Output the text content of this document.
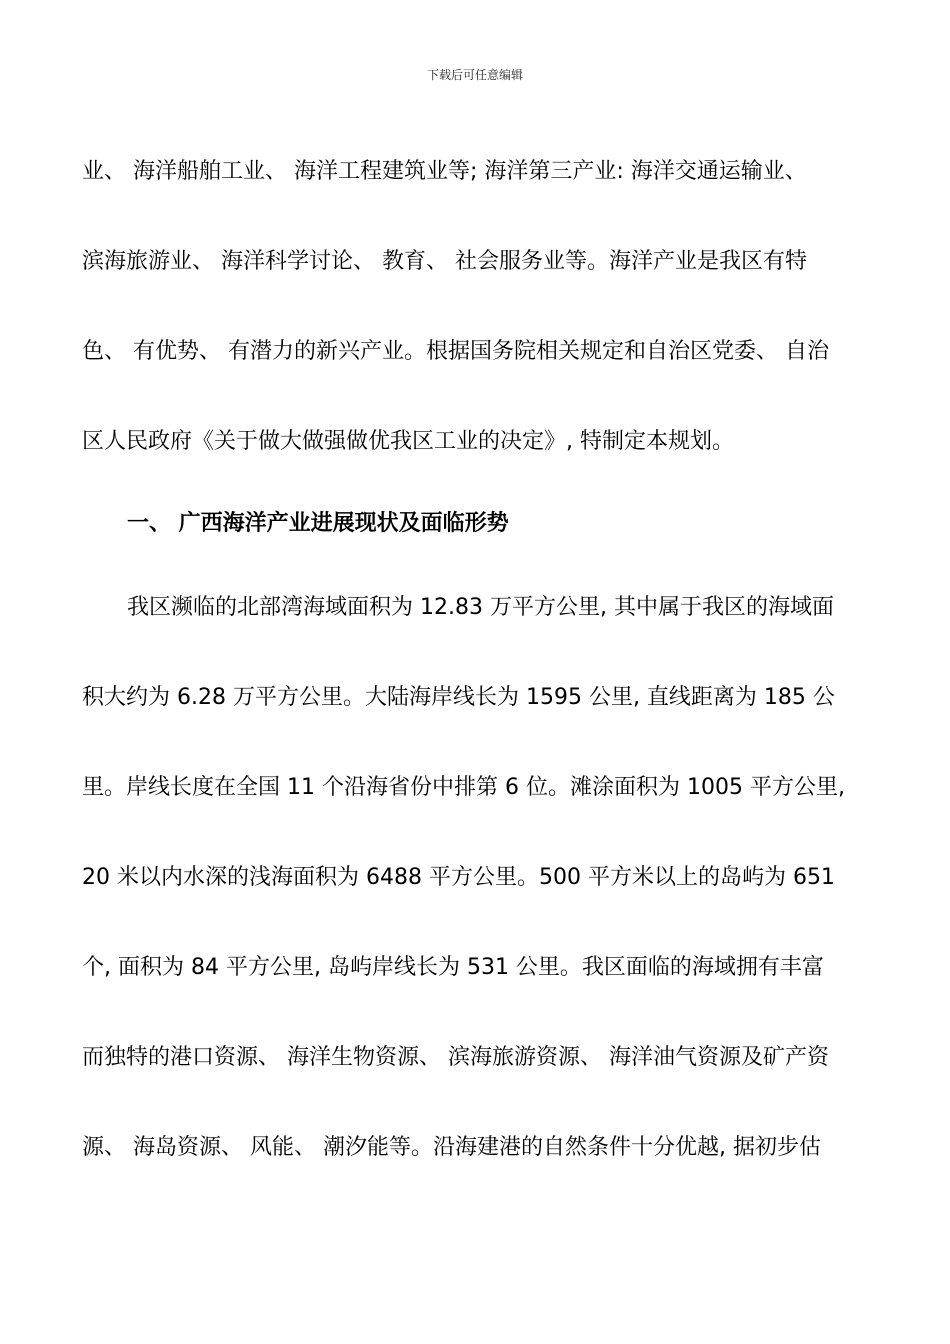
下载后可任意编辑
业、 海洋船舶工业、 海洋工程建筑业等; 海洋第三产业: 海洋交通运输业、
滨海旅游业、 海洋科学讨论、 教育、 社会服务业等。海洋产业是我区有特
色、 有优势、 有潜力的新兴产业。根据国务院相关规定和自治区党委、 自治
区人民政府《关于做大做强做优我区工业的决定》, 特制定本规划。
一、 广西海洋产业进展现状及面临形势
我区濒临的北部湾海域面积为 12.83 万平方公里, 其中属于我区的海域面
积大约为 6.28 万平方公里。大陆海岸线长为 1595 公里, 直线距离为 185 公
里。岸线长度在全国 11 个沿海省份中排第 6 位。滩涂面积为 1005 平方公里,
20 米以内水深的浅海面积为 6488 平方公里。500 平方米以上的岛屿为 651
个, 面积为 84 平方公里, 岛屿岸线长为 531 公里。我区面临的海域拥有丰富
而独特的港口资源、 海洋生物资源、 滨海旅游资源、 海洋油气资源及矿产资
源、 海岛资源、 风能、 潮汐能等。沿海建港的自然条件十分优越, 据初步估
